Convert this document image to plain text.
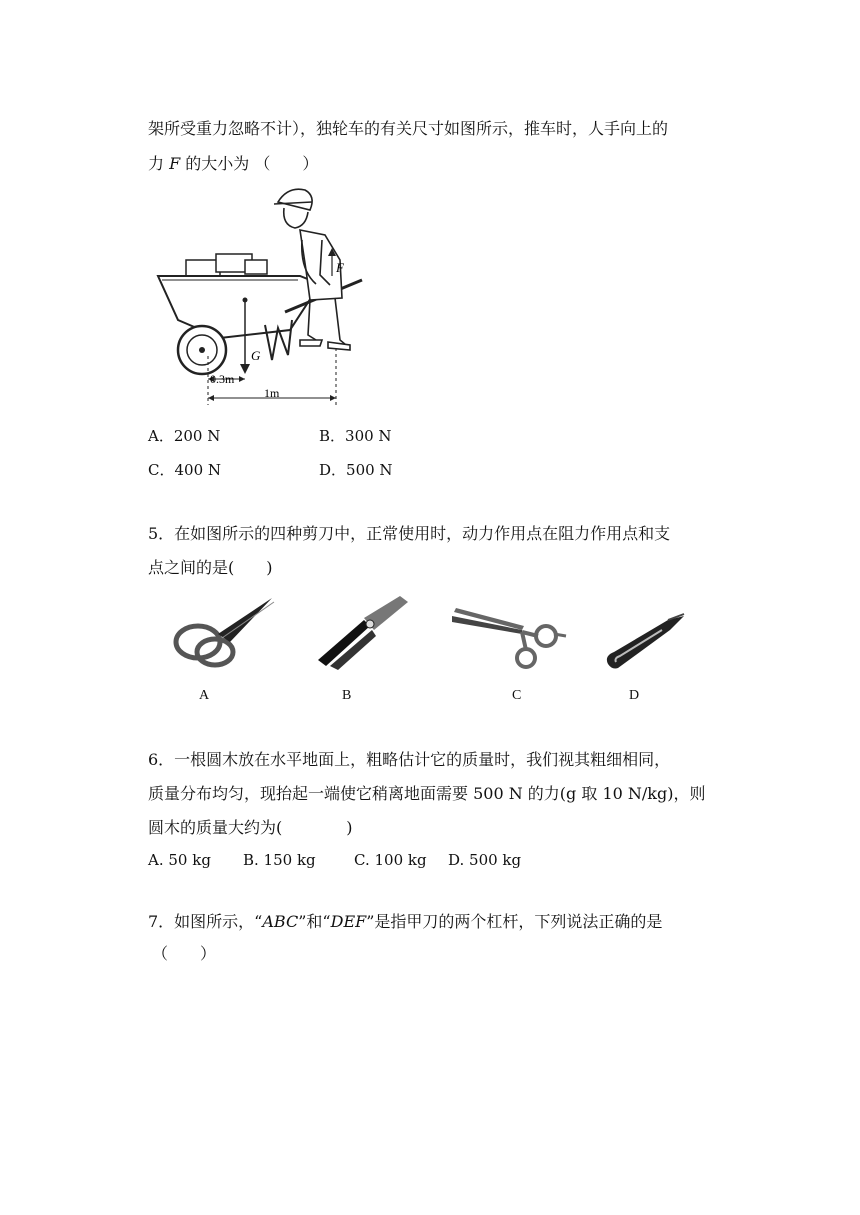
架所受重力忽略不计），独轮车的有关尺寸如图所示，推车时，人手向上的
力 F 的大小为 （　　）
G
F
0.3m
1m
A．200 N	B．300 N
C．400 N	D．500 N
5．在如图所示的四种剪刀中，正常使用时，动力作用点在阻力作用点和支
点之间的是(　　)
A	B	C	D
6．一根圆木放在水平地面上，粗略估计它的质量时，我们视其粗细相同，
质量分布均匀，现抬起一端使它稍离地面需要 500 N 的力(g 取 10 N/kg)，则
圆木的质量大约为(　　　　)
A. 50 kg B. 150 kg	C. 100 kg D. 500 kg
7．如图所示，“ABC”和“DEF”是指甲刀的两个杠杆，下列说法正确的是
（　　）
